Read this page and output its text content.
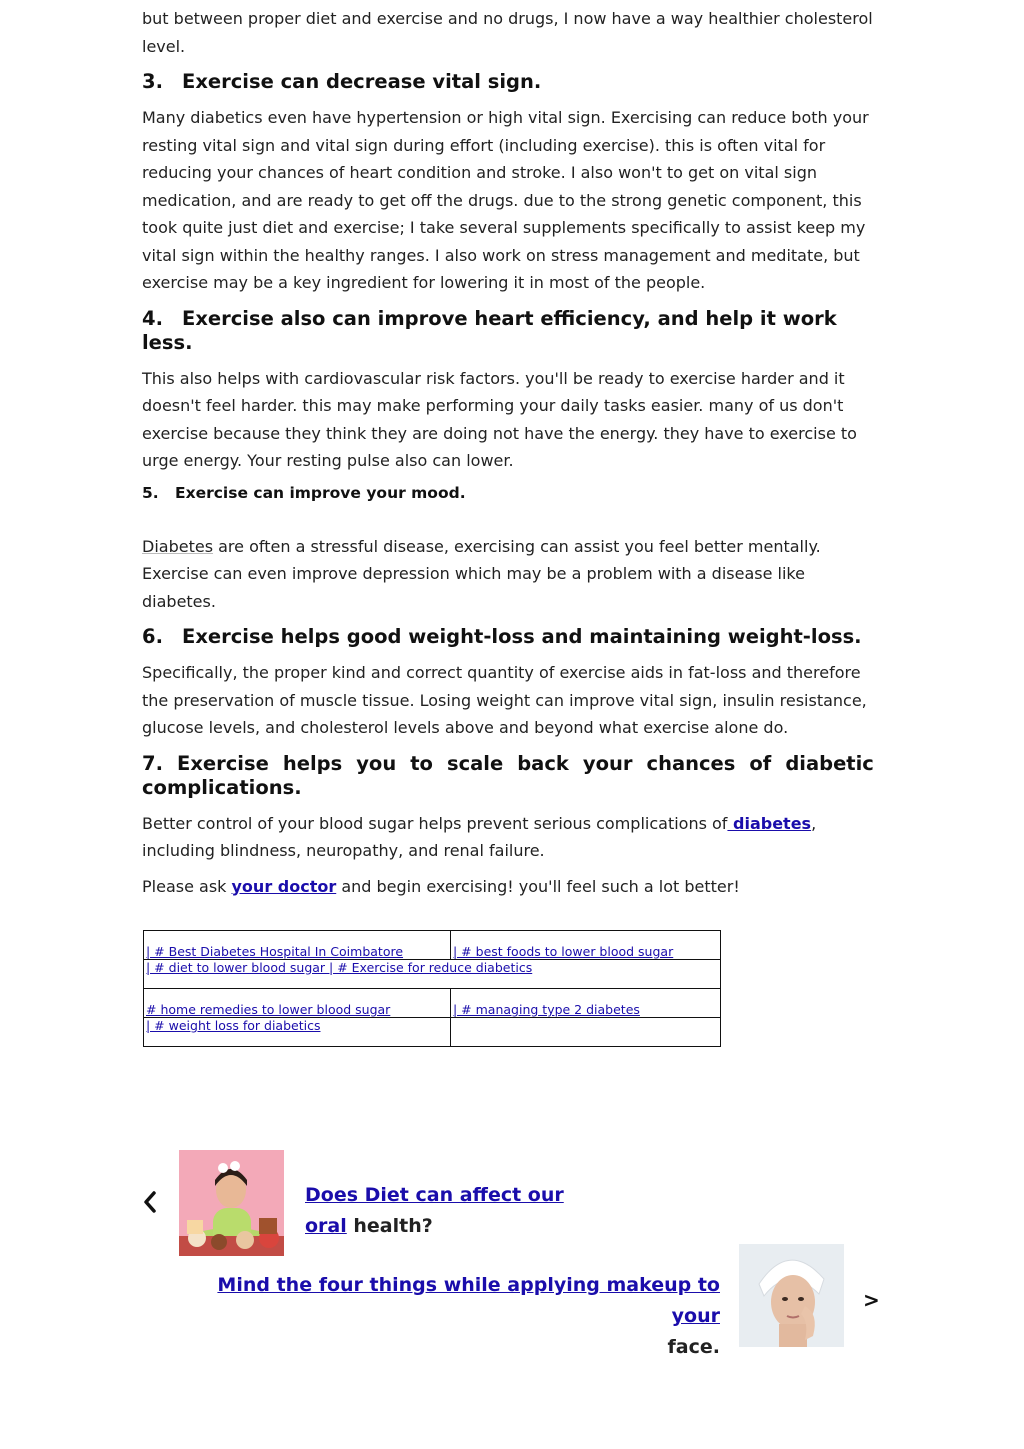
but between proper diet and exercise and no drugs, I now have a way healthier cholesterol level.

3. Exercise can decrease vital sign.

Many diabetics even have hypertension or high vital sign. Exercising can reduce both your resting vital sign and vital sign during effort (including exercise). this is often vital for reducing your chances of heart condition and stroke. I also won't to get on vital sign medication, and are ready to get off the drugs. due to the strong genetic component, this took quite just diet and exercise; I take several supplements specifically to assist keep my vital sign within the healthy ranges. I also work on stress management and meditate, but exercise may be a key ingredient for lowering it in most of the people.

4. Exercise also can improve heart efficiency, and help it work less.

This also helps with cardiovascular risk factors. you'll be ready to exercise harder and it doesn't feel harder. this may make performing your daily tasks easier. many of us don't exercise because they think they are doing not have the energy. they have to exercise to urge energy. Your resting pulse also can lower.

5. Exercise can improve your mood.

Diabetes are often a stressful disease, exercising can assist you feel better mentally. Exercise can even improve depression which may be a problem with a disease like diabetes.

6. Exercise helps good weight-loss and maintaining weight-loss.

Specifically, the proper kind and correct quantity of exercise aids in fat-loss and therefore the preservation of muscle tissue. Losing weight can improve vital sign, insulin resistance, glucose levels, and cholesterol levels above and beyond what exercise alone do.

7. Exercise helps you to scale back your chances of diabetic
complications.

Better control of your blood sugar helps prevent serious complications of diabetes, including blindness, neuropathy, and renal failure.

Please ask your doctor and begin exercising! you'll feel such a lot better!

| # Best Diabetes Hospital In Coimbatore	| # best foods to lower blood sugar
| # diet to lower blood sugar | # Exercise for reduce diabetics	
# home remedies to lower blood sugar	| # managing type 2 diabetes
| # weight loss for diabetics	
Does Diet can affect our oral health?
Mind the four things while applying makeup to your
face.
>
